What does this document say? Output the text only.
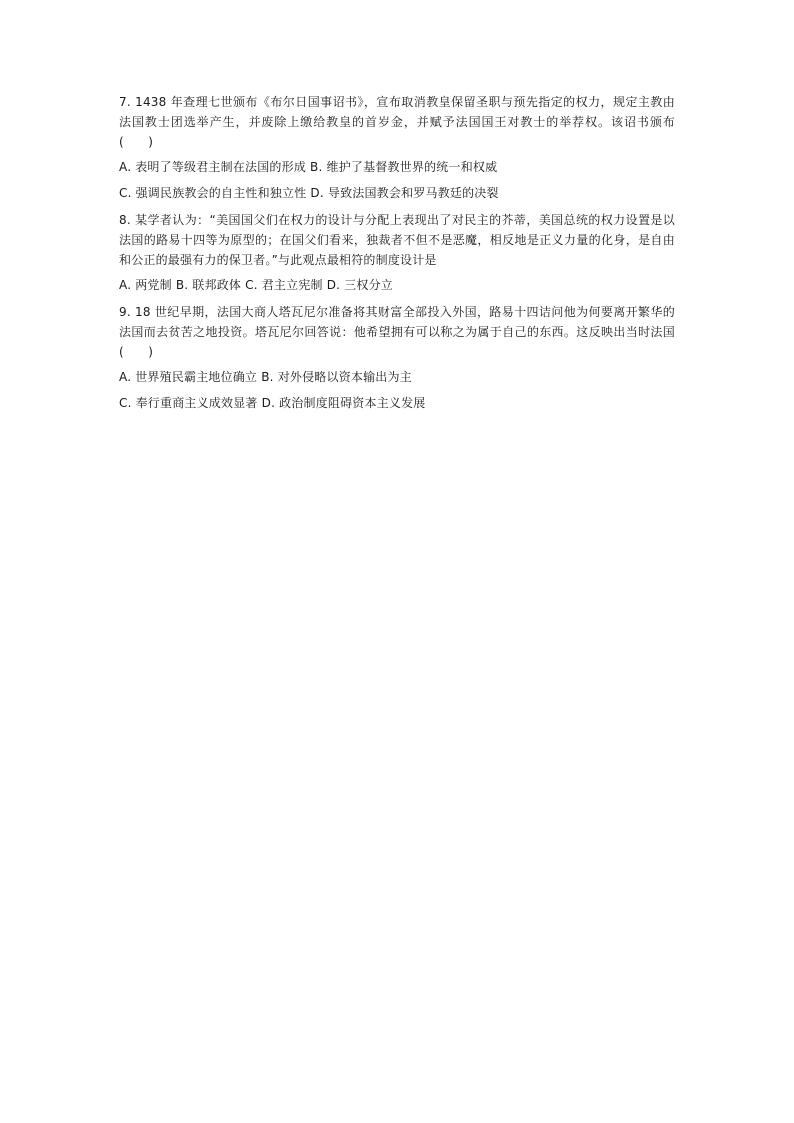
7. 1438 年查理七世颁布《布尔日国事诏书》，宣布取消教皇保留圣职与预先指定的权力，规定主教由法国教士团选举产生，并废除上缴给教皇的首岁金，并赋予法国国王对教士的举荐权。该诏书颁布 (　　)

A. 表明了等级君主制在法国的形成 B. 维护了基督教世界的统一和权威

C. 强调民族教会的自主性和独立性 D. 导致法国教会和罗马教廷的决裂

8. 某学者认为：“美国国父们在权力的设计与分配上表现出了对民主的芥蒂，美国总统的权力设置是以法国的路易十四等为原型的；在国父们看来，独裁者不但不是恶魔，相反地是正义力量的化身，是自由和公正的最强有力的保卫者。”与此观点最相符的制度设计是

A. 两党制 B. 联邦政体 C. 君主立宪制 D. 三权分立

9. 18 世纪早期，法国大商人塔瓦尼尔准备将其财富全部投入外国，路易十四诘问他为何要离开繁华的法国而去贫苦之地投资。塔瓦尼尔回答说：他希望拥有可以称之为属于自己的东西。这反映出当时法国 (　　)

A. 世界殖民霸主地位确立 B. 对外侵略以资本输出为主

C. 奉行重商主义成效显著 D. 政治制度阻碍资本主义发展
